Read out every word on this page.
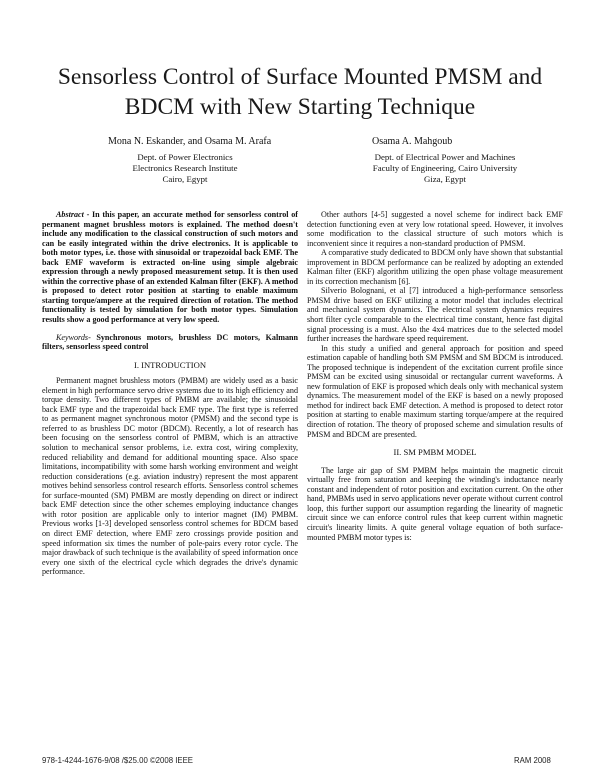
Sensorless Control of Surface Mounted PMSM and BDCM with New Starting Technique
Mona N. Eskander, and Osama M. Arafa	Osama A. Mahgoub
Dept. of Power Electronics
Electronics Research Institute
Cairo, Egypt
Dept. of Electrical Power and Machines
Faculty of Engineering, Cairo University
Giza, Egypt

Abstract - In this paper, an accurate method for sensorless control of permanent magnet brushless motors is explained. The method doesn't include any modification to the classical construction of such motors and can be easily integrated within the drive electronics. It is applicable to both motor types, i.e. those with sinusoidal or trapezoidal back EMF. The back EMF waveform is extracted on-line using simple algebraic expression through a newly proposed measurement setup. It is then used within the corrective phase of an extended Kalman filter (EKF). A method is proposed to detect rotor position at starting to enable maximum starting torque/ampere at the required direction of rotation. The method functionality is tested by simulation for both motor types. Simulation results show a good performance at very low speed.

Keywords- Synchronous motors, brushless DC motors, Kalmann filters, sensorless speed control

I. INTRODUCTION

Permanent magnet brushless motors (PMBM) are widely used as a basic element in high performance servo drive systems due to its high efficiency and torque density. Two different types of PMBM are available; the sinusoidal back EMF type and the trapezoidal back EMF type. The first type is referred to as permanent magnet synchronous motor (PMSM) and the second type is referred to as brushless DC motor (BDCM). Recently, a lot of research has been focusing on the sensorless control of PMBM, which is an attractive solution to mechanical sensor problems, i.e. extra cost, wiring complexity, reduced reliability and demand for additional mounting space. Also space limitations, incompatibility with some harsh working environment and weight reduction considerations (e.g. aviation industry) represent the most apparent motives behind sensorless control research efforts. Sensorless control schemes for surface-mounted (SM) PMBM are mostly depending on direct or indirect back EMF detection since the other schemes employing inductance changes with rotor position are applicable only to interior magnet (IM) PMBM. Previous works [1-3] developed sensorless control schemes for BDCM based on direct EMF detection, where EMF zero crossings provide position and speed information six times the number of pole-pairs every rotor cycle. The major drawback of such technique is the availability of speed information once every one sixth of the electrical cycle which degrades the drive's dynamic performance.

Other authors [4-5] suggested a novel scheme for indirect back EMF detection functioning even at very low rotational speed. However, it involves some modification to the classical structure of such motors which is inconvenient since it requires a non-standard production of PMSM.

A comparative study dedicated to BDCM only have shown that substantial improvement in BDCM performance can be realized by adopting an extended Kalman filter (EKF) algorithm utilizing the open phase voltage measurement in its correction mechanism [6].

Silverio Bolognani, et al [7] introduced a high-performance sensorless PMSM drive based on EKF utilizing a motor model that includes electrical and mechanical system dynamics. The electrical system dynamics requires short filter cycle comparable to the electrical time constant, hence fast digital signal processing is a must. Also the 4x4 matrices due to the selected model further increases the hardware speed requirement.

In this study a unified and general approach for position and speed estimation capable of handling both SM PMSM and SM BDCM is introduced. The proposed technique is independent of the excitation current profile since PMSM can be excited using sinusoidal or rectangular current waveforms. A new formulation of EKF is proposed which deals only with mechanical system dynamics. The measurement model of the EKF is based on a newly proposed method for indirect back EMF detection. A method is proposed to detect rotor position at starting to enable maximum starting torque/ampere at the required direction of rotation. The theory of proposed scheme and simulation results of PMSM and BDCM are presented.

II. SM PMBM MODEL

The large air gap of SM PMBM helps maintain the magnetic circuit virtually free from saturation and keeping the winding's inductance nearly constant and independent of rotor position and excitation current. On the other hand, PMBMs used in servo applications never operate without current control loop, this further support our assumption regarding the linearity of magnetic circuit since we can enforce control rules that keep current within magnetic circuit's linearity limits. A quite general voltage equation of both surface-mounted PMBM motor types is:

978-1-4244-1676-9/08 /$25.00 ©2008 IEEE	RAM 2008
